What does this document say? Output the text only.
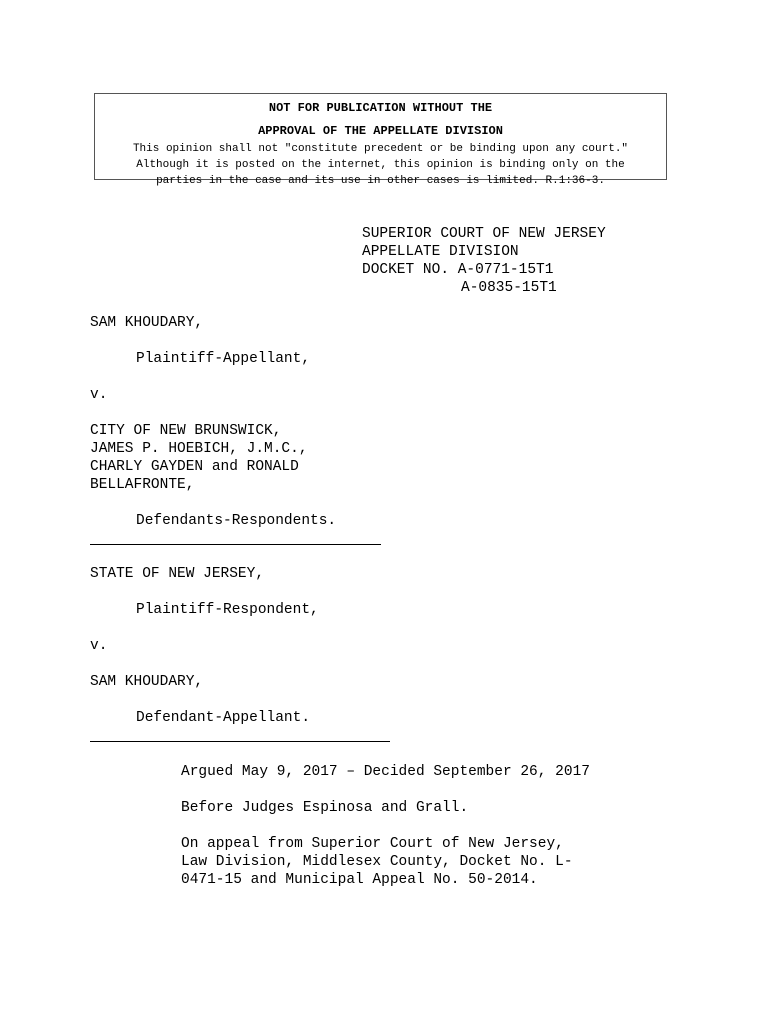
NOT FOR PUBLICATION WITHOUT THE
APPROVAL OF THE APPELLATE DIVISION
This opinion shall not "constitute precedent or be binding upon any court."
Although it is posted on the internet, this opinion is binding only on the
parties in the case and its use in other cases is limited. R.1:36-3.
SUPERIOR COURT OF NEW JERSEY
APPELLATE DIVISION
DOCKET NO. A-0771-15T1
A-0835-15T1
SAM KHOUDARY,
Plaintiff-Appellant,
v.
CITY OF NEW BRUNSWICK,
JAMES P. HOEBICH, J.M.C.,
CHARLY GAYDEN and RONALD
BELLAFRONTE,
Defendants-Respondents.
STATE OF NEW JERSEY,
Plaintiff-Respondent,
v.
SAM KHOUDARY,
Defendant-Appellant.
Argued May 9, 2017 – Decided September 26, 2017
Before Judges Espinosa and Grall.
On appeal from Superior Court of New Jersey,
Law Division, Middlesex County, Docket No. L-
0471-15 and Municipal Appeal No. 50-2014.
